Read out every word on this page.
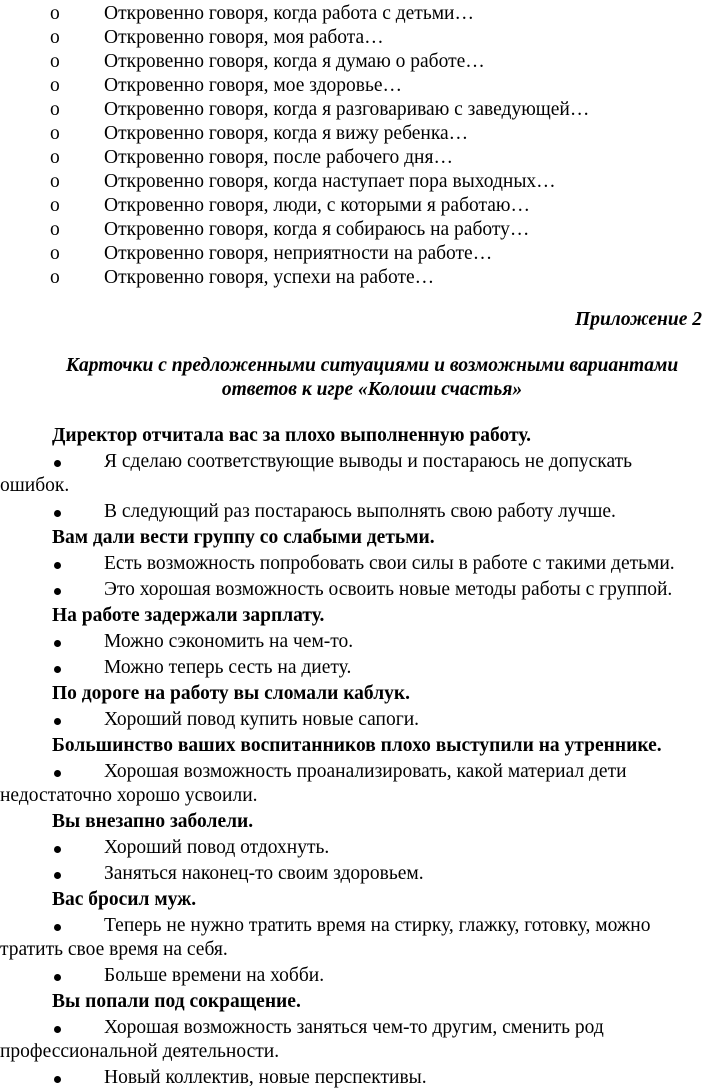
o	Откровенно говоря, когда работа с детьми…
o	Откровенно говоря, моя работа…
o	Откровенно говоря, когда я думаю о работе…
o	Откровенно говоря, мое здоровье…
o	Откровенно говоря, когда я разговариваю с заведующей…
o	Откровенно говоря, когда я вижу ребенка…
o	Откровенно говоря, после рабочего дня…
o	Откровенно говоря, когда наступает пора выходных…
o	Откровенно говоря, люди, с которыми я работаю…
o	Откровенно говоря, когда я собираюсь на работу…
o	Откровенно говоря, неприятности на работе…
o	Откровенно говоря, успехи на работе…
Приложение 2
Карточки с предложенными ситуациями и возможными вариантами ответов к игре «Колоши счастья»
Директор отчитала вас за плохо выполненную работу.
Я сделаю соответствующие выводы и постараюсь не допускать ошибок.
В следующий раз постараюсь выполнять свою работу лучше.
Вам дали вести группу со слабыми детьми.
Есть возможность попробовать свои силы в работе с такими детьми.
Это хорошая возможность освоить новые методы работы с группой.
На работе задержали зарплату.
Можно сэкономить на чем-то.
Можно теперь сесть на диету.
По дороге на работу вы сломали каблук.
Хороший повод купить новые сапоги.
Большинство ваших воспитанников плохо выступили на утреннике.
Хорошая возможность проанализировать, какой материал дети недостаточно хорошо усвоили.
Вы внезапно заболели.
Хороший повод отдохнуть.
Заняться наконец-то своим здоровьем.
Вас бросил муж.
Теперь не нужно тратить время на стирку, глажку, готовку, можно тратить свое время на себя.
Больше времени на хобби.
Вы попали под сокращение.
Хорошая возможность заняться чем-то другим, сменить род профессиональной деятельности.
Новый коллектив, новые перспективы.
